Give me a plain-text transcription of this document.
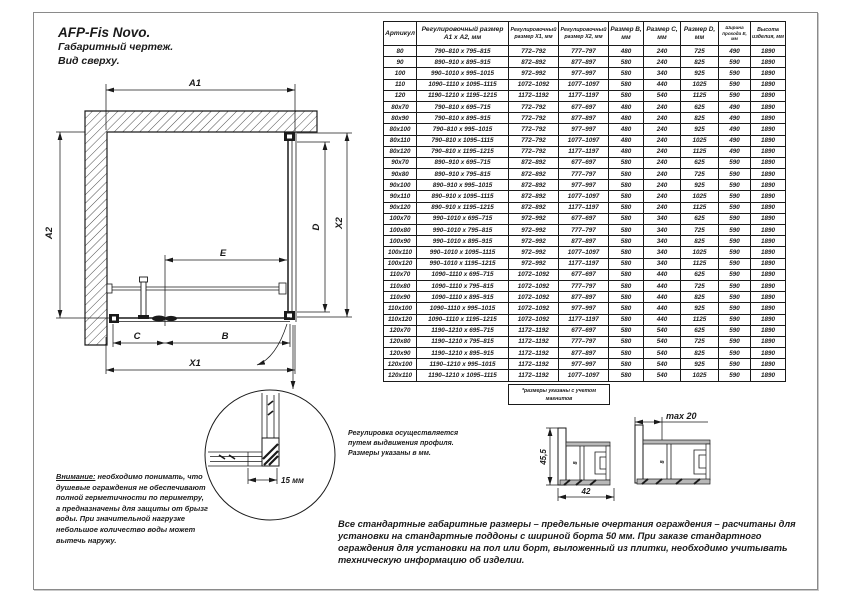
AFP-Fis Novo.
Габаритный чертеж.
Вид сверху.
A1
A2
X2
D
E
C	B
X1
15 мм
Артикул	Регулировочный размер A1 х A2, мм	Регулировочный размер X1, мм	Регулировочный размер X2, мм	Размер B, мм	Размер C, мм	Размер D, мм	Ширина прохода E, мм	Высота изделия, мм
80	790–810 х 795–815	772–792	777–797	480	240	725	490	1890
90	890–910 х 895–915	872–892	877–897	580	240	825	590	1890
100	990–1010 х 995–1015	972–992	977–997	580	340	925	590	1890
110	1090–1110 х 1095–1115	1072–1092	1077–1097	580	440	1025	590	1890
120	1190–1210 х 1195–1215	1172–1192	1177–1197	580	540	1125	590	1890
80х70	790–810 х 695–715	772–792	677–697	480	240	625	490	1890
80х90	790–810 х 895–915	772–792	877–897	480	240	825	490	1890
80х100	790–810 х 995–1015	772–792	977–997	480	240	925	490	1890
80х110	790–810 х 1095–1115	772–792	1077–1097	480	240	1025	490	1890
80х120	790–810 х 1195–1215	772–792	1177–1197	480	240	1125	490	1890
90х70	890–910 х 695–715	872–892	677–697	580	240	625	590	1890
90х80	890–910 х 795–815	872–892	777–797	580	240	725	590	1890
90х100	890–910 х 995–1015	872–892	977–997	580	240	925	590	1890
90х110	890–910 х 1095–1115	872–892	1077–1097	580	240	1025	590	1890
90х120	890–910 х 1195–1215	872–892	1177–1197	580	240	1125	590	1890
100х70	990–1010 х 695–715	972–992	677–697	580	340	625	590	1890
100х80	990–1010 х 795–815	972–992	777–797	580	340	725	590	1890
100х90	990–1010 х 895–915	972–992	877–897	580	340	825	590	1890
100х110	990–1010 х 1095–1115	972–992	1077–1097	580	340	1025	590	1890
100х120	990–1010 х 1195–1215	972–992	1177–1197	580	340	1125	590	1890
110х70	1090–1110 х 695–715	1072–1092	677–697	580	440	625	590	1890
110х80	1090–1110 х 795–815	1072–1092	777–797	580	440	725	590	1890
110х90	1090–1110 х 895–915	1072–1092	877–897	580	440	825	590	1890
110х100	1090–1110 х 995–1015	1072–1092	977–997	580	440	925	590	1890
110х120	1090–1110 х 1195–1215	1072–1092	1177–1197	580	440	1125	590	1890
120х70	1190–1210 х 695–715	1172–1192	677–697	580	540	625	590	1890
120х80	1190–1210 х 795–815	1172–1192	777–797	580	540	725	590	1890
120х90	1190–1210 х 895–915	1172–1192	877–897	580	540	825	590	1890
120х100	1190–1210 х 995–1015	1172–1192	977–997	580	540	925	590	1890
120х110	1190–1210 х 1095–1115	1172–1192	1077–1097	580	540	1025	590	1890
*размеры указаны с учетом магнитов
45,5	8
42
max 20
8
Регулировка осуществляется
путем выдвижения профиля.
Размеры указаны в мм.
Внимание: необходимо понимать, что душевые ограждения не обеспечивают полной герметичности по периметру, а предназначены для защиты от брызг воды. При значительной нагрузке небольшое количество воды может вытечь наружу.
Все стандартные габаритные размеры – предельные очертания ограждения – расчитаны для установки на стандартные поддоны с шириной борта 50 мм. При заказе стандартного ограждения для установки на пол или борт, выложенный из плитки, необходимо учитывать техническую информацию об изделии.
